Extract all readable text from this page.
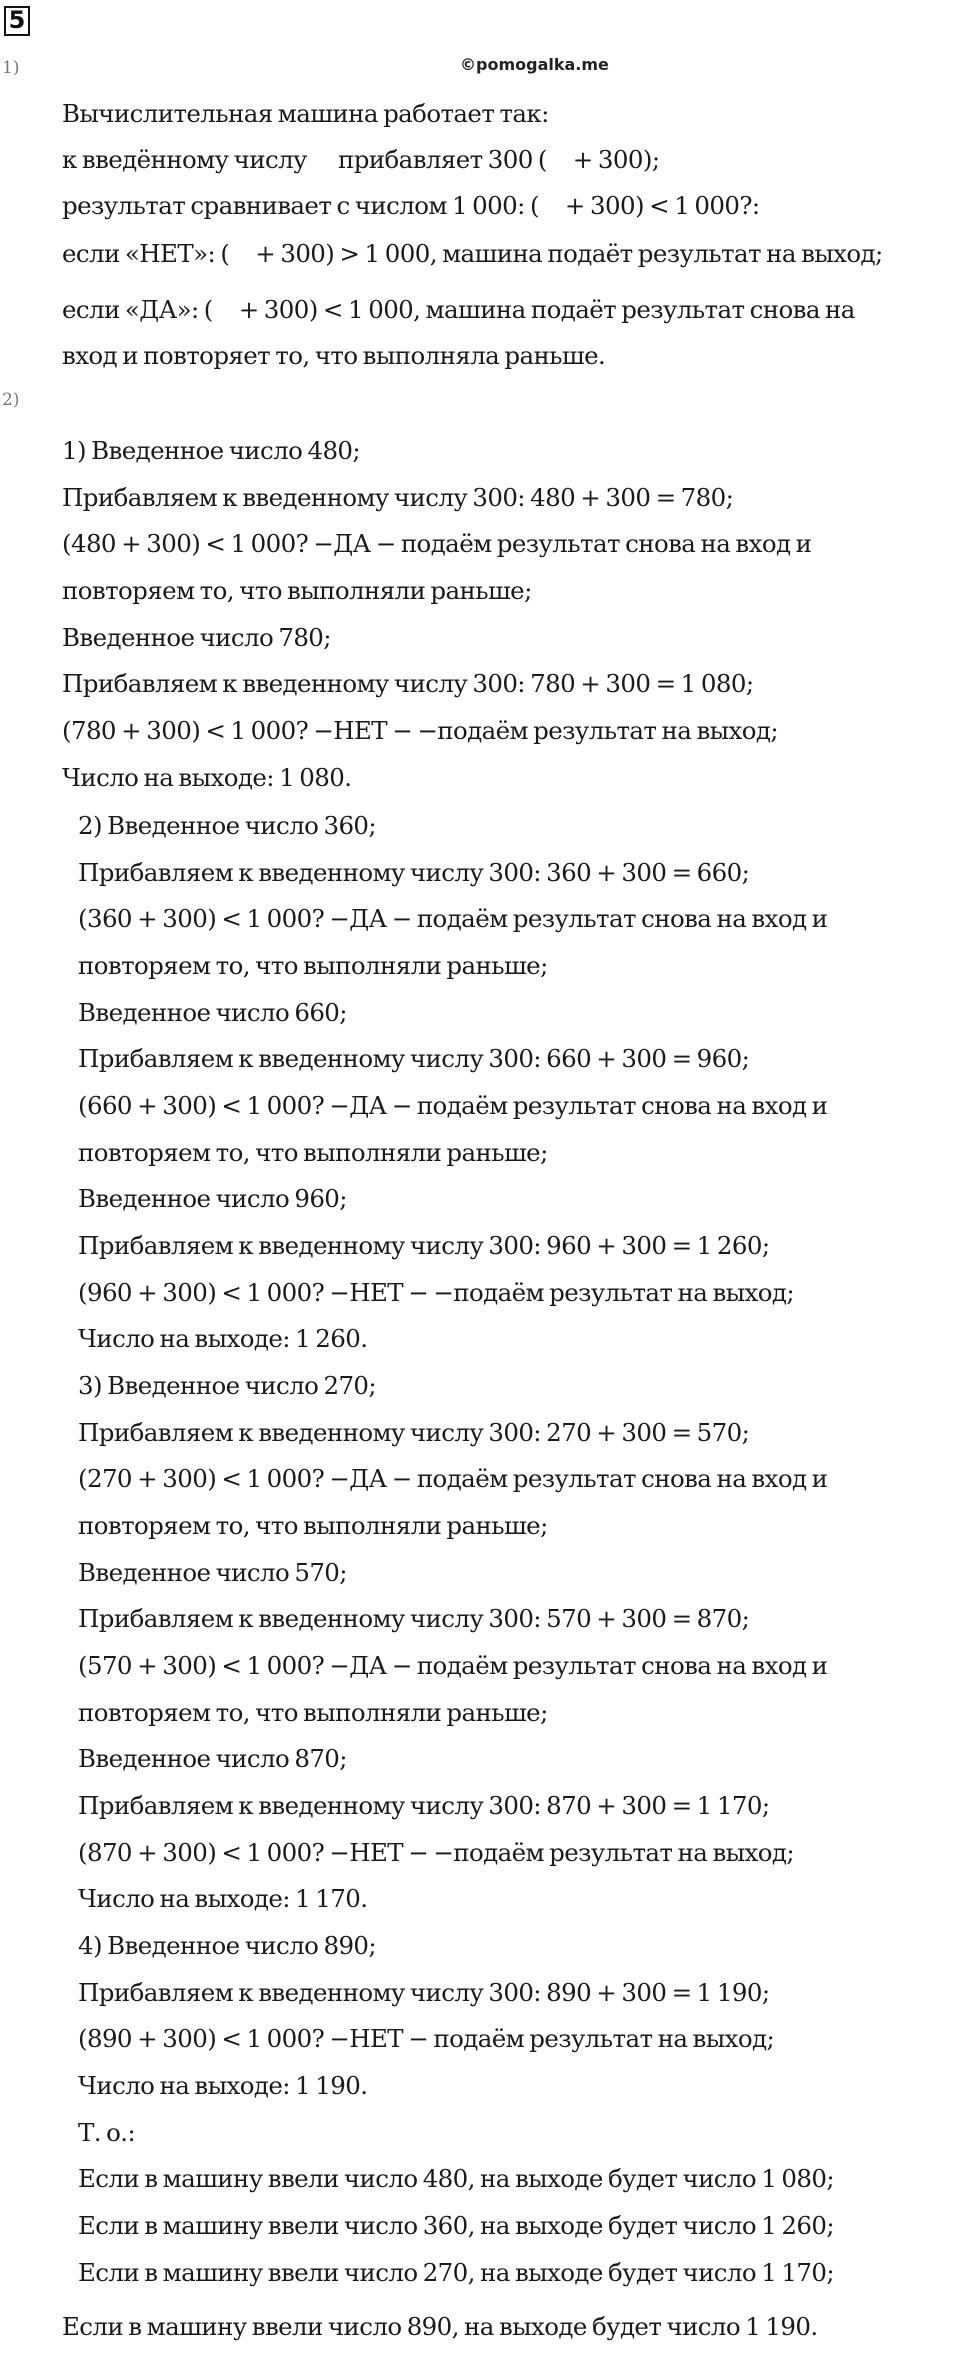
5
1)	©pomogalka.me
Вычислительная машина работает так:
к введённому числу      прибавляет 300 (     + 300);
результат сравнивает с числом 1 000: (     + 300) < 1 000?:
если «НЕТ»: (     + 300) > 1 000, машина подаёт результат на выход;
если «ДА»: (     + 300) < 1 000, машина подаёт результат снова на
вход и повторяет то, что выполняла раньше.
2)
1) Введенное число 480;
Прибавляем к введенному числу 300: 480 + 300 = 780;
(480 + 300) < 1 000? −ДА − подаём результат снова на вход и
повторяем то, что выполняли раньше;
Введенное число 780;
Прибавляем к введенному числу 300: 780 + 300 = 1 080;
(780 + 300) < 1 000? −НЕТ − −подаём результат на выход;
Число на выходе: 1 080.
2) Введенное число 360;
Прибавляем к введенному числу 300: 360 + 300 = 660;
(360 + 300) < 1 000? −ДА − подаём результат снова на вход и
повторяем то, что выполняли раньше;
Введенное число 660;
Прибавляем к введенному числу 300: 660 + 300 = 960;
(660 + 300) < 1 000? −ДА − подаём результат снова на вход и
повторяем то, что выполняли раньше;
Введенное число 960;
Прибавляем к введенному числу 300: 960 + 300 = 1 260;
(960 + 300) < 1 000? −НЕТ − −подаём результат на выход;
Число на выходе: 1 260.
3) Введенное число 270;
Прибавляем к введенному числу 300: 270 + 300 = 570;
(270 + 300) < 1 000? −ДА − подаём результат снова на вход и
повторяем то, что выполняли раньше;
Введенное число 570;
Прибавляем к введенному числу 300: 570 + 300 = 870;
(570 + 300) < 1 000? −ДА − подаём результат снова на вход и
повторяем то, что выполняли раньше;
Введенное число 870;
Прибавляем к введенному числу 300: 870 + 300 = 1 170;
(870 + 300) < 1 000? −НЕТ − −подаём результат на выход;
Число на выходе: 1 170.
4) Введенное число 890;
Прибавляем к введенному числу 300: 890 + 300 = 1 190;
(890 + 300) < 1 000? −НЕТ − подаём результат на выход;
Число на выходе: 1 190.
Т. о.:
Если в машину ввели число 480, на выходе будет число 1 080;
Если в машину ввели число 360, на выходе будет число 1 260;
Если в машину ввели число 270, на выходе будет число 1 170;
Если в машину ввели число 890, на выходе будет число 1 190.
